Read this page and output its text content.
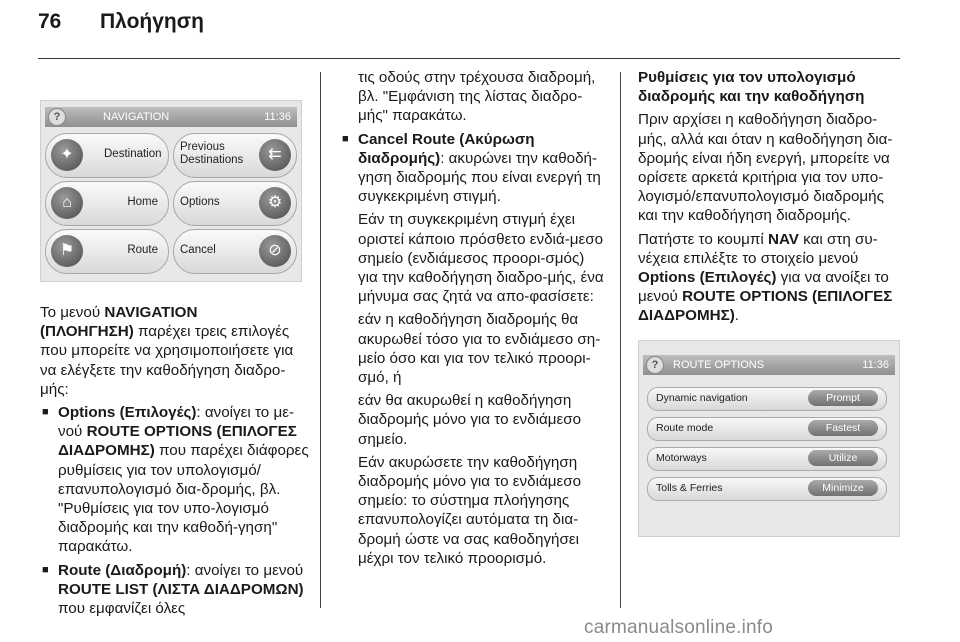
76 Πλοήγηση
?	NAVIGATION	11:36
✦	Destination
Previous
Destinations	⇇
⌂	Home Options	⚙
⚑	Route Cancel	⊘

Το μενού NAVIGATION
(ΠΛΟΗΓΗΣΗ) παρέχει τρεις επιλογές που μπορείτε να χρησιμοποιήσετε για να ελέγξετε την καθοδήγηση διαδρο-μής:

■ Options (Επιλογές): ανοίγει το με-νού ROUTE OPTIONS (ΕΠΙΛΟΓΕΣ ΔΙΑΔΡΟΜΗΣ) που παρέχει διάφορες ρυθμίσεις για τον υπολογισμό/επανυπολογισμό δια-δρομής, βλ. "Ρυθμίσεις για τον υπο-λογισμό διαδρομής και την καθοδή-γηση" παρακάτω.
■ Route (Διαδρομή): ανοίγει το μενού ROUTE LIST (ΛΙΣΤΑ ΔΙΑΔΡΟΜΩΝ) που εμφανίζει όλες

τις οδούς στην τρέχουσα διαδρομή, βλ. "Εμφάνιση της λίστας διαδρο-μής" παρακάτω.

■ Cancel Route (Ακύρωση διαδρομής): ακυρώνει την καθοδή-γηση διαδρομής που είναι ενεργή τη συγκεκριμένη στιγμή.

Εάν τη συγκεκριμένη στιγμή έχει οριστεί κάποιο πρόσθετο ενδιά-μεσο σημείο (ενδιάμεσος προορι-σμός) για την καθοδήγηση διαδρο-μής, ένα μήνυμα σας ζητά να απο-φασίσετε:

εάν η καθοδήγηση διαδρομής θα ακυρωθεί τόσο για το ενδιάμεσο ση-μείο όσο και για τον τελικό προορι-σμό, ή

εάν θα ακυρωθεί η καθοδήγηση διαδρομής μόνο για το ενδιάμεσο σημείο.

Εάν ακυρώσετε την καθοδήγηση διαδρομής μόνο για το ενδιάμεσο σημείο: το σύστημα πλοήγησης επανυπολογίζει αυτόματα τη δια-δρομή ώστε να σας καθοδηγήσει μέχρι τον τελικό προορισμό.

Ρυθμίσεις για τον υπολογισμό διαδρομής και την καθοδήγηση

Πριν αρχίσει η καθοδήγηση διαδρο-μής, αλλά και όταν η καθοδήγηση δια-δρομής είναι ήδη ενεργή, μπορείτε να ορίσετε αρκετά κριτήρια για τον υπο-λογισμό/επανυπολογισμό διαδρομής και την καθοδήγηση διαδρομής.

Πατήστε το κουμπί NAV και στη συ-νέχεια επιλέξτε το στοιχείο μενού Options (Επιλογές) για να ανοίξει το μενού ROUTE OPTIONS (ΕΠΙΛΟΓΕΣ ΔΙΑΔΡΟΜΗΣ).

?	ROUTE OPTIONS	11:36
Dynamic navigation	Prompt
Route mode	Fastest
Motorways	Utilize
Tolls & Ferries	Minimize
carmanualsonline.info
